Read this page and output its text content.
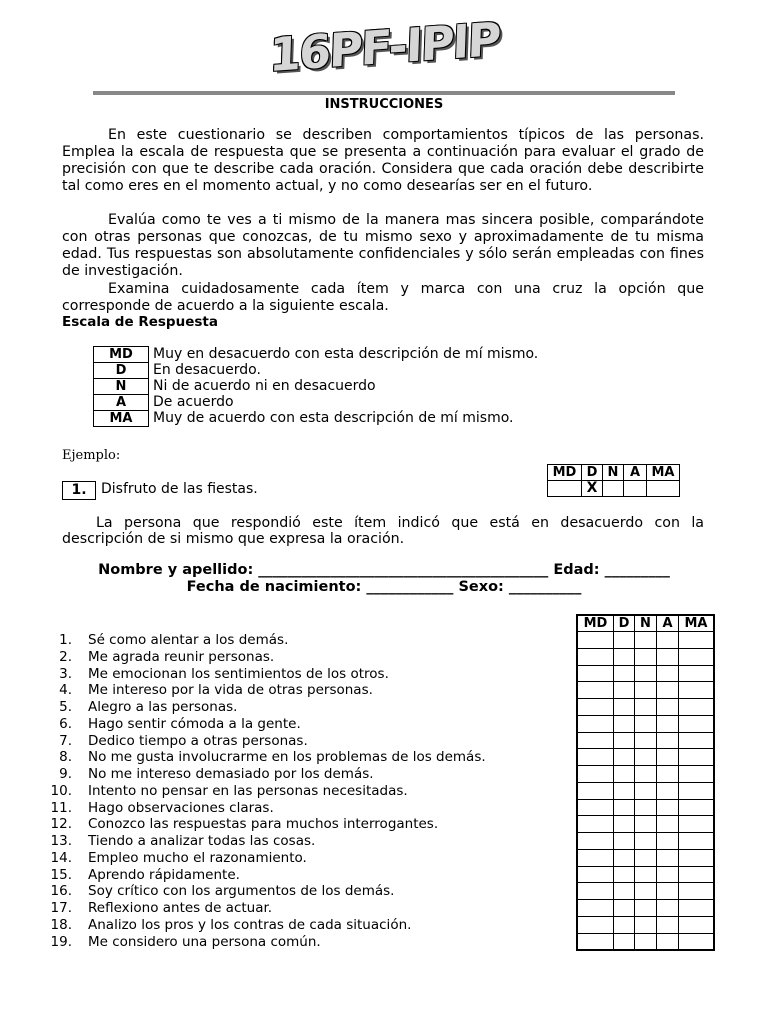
16PF-IPIP
INSTRUCCIONES

En este cuestionario se describen comportamientos típicos de las personas. Emplea la escala de respuesta que se presenta a continuación para evaluar el grado de precisión con que te describe cada oración. Considera que cada oración debe describirte tal como eres en el momento actual, y no como desearías ser en el futuro.

Evalúa como te ves a ti mismo de la manera mas sincera posible, comparándote con otras personas que conozcas, de tu mismo sexo y aproximadamente de tu misma edad. Tus respuestas son absolutamente confidenciales y sólo serán empleadas con fines de investigación.

Examina cuidadosamente cada ítem y marca con una cruz la opción que corresponde de acuerdo a la siguiente escala.

Escala de Respuesta
MD	Muy en desacuerdo con esta descripción de mí mismo.
D	En desacuerdo.
N	Ni de acuerdo ni en desacuerdo
A	De acuerdo
MA	Muy de acuerdo con esta descripción de mí mismo.
Ejemplo:
MD	D	N	A	MA
	X			
1.	Disfruto de las fiestas.

La persona que respondió este ítem indicó que está en desacuerdo con la descripción de si mismo que expresa la oración.

Nombre y apellido: ________________________________________ Edad: _________
Fecha de nacimiento: ____________ Sexo: __________
1. Sé como alentar a los demás.
2. Me agrada reunir personas.
3. Me emocionan los sentimientos de los otros.
4. Me intereso por la vida de otras personas.
5. Alegro a las personas.
6. Hago sentir cómoda a la gente.
7. Dedico tiempo a otras personas.
8. No me gusta involucrarme en los problemas de los demás.
9. No me intereso demasiado por los demás.
10. Intento no pensar en las personas necesitadas.
11. Hago observaciones claras.
12. Conozco las respuestas para muchos interrogantes.
13. Tiendo a analizar todas las cosas.
14. Empleo mucho el razonamiento.
15. Aprendo rápidamente.
16. Soy crítico con los argumentos de los demás.
17. Reflexiono antes de actuar.
18. Analizo los pros y los contras de cada situación.
19. Me considero una persona común.
MD	D	N	A	MA
